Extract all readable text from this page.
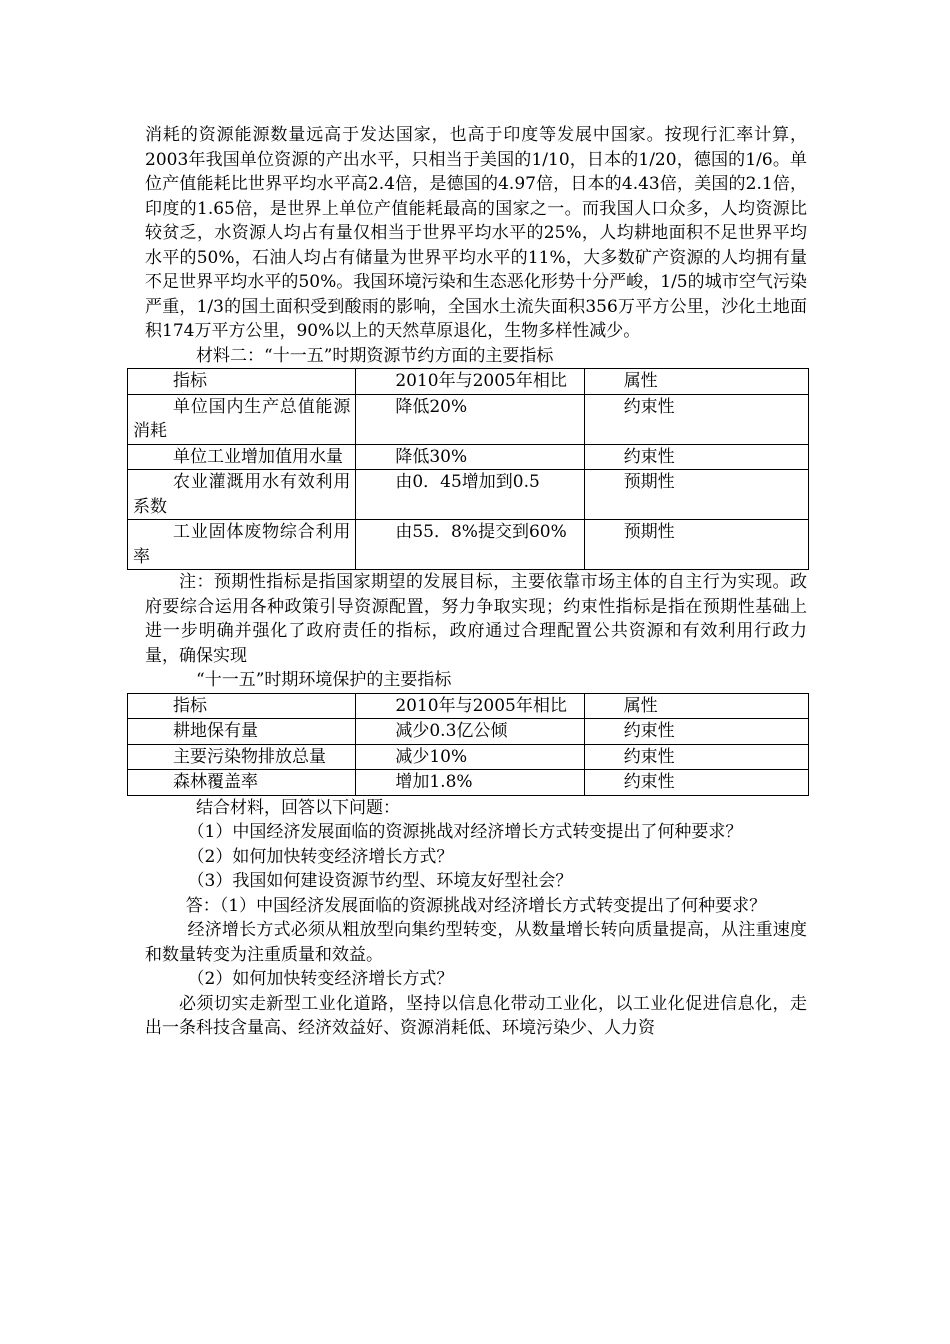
消耗的资源能源数量远高于发达国家，也高于印度等发展中国家。按现行汇率计算，2003年我国单位资源的产出水平，只相当于美国的1/10，日本的1/20，德国的1/6。单位产值能耗比世界平均水平高2.4倍，是德国的4.97倍，日本的4.43倍，美国的2.1倍，印度的1.65倍，是世界上单位产值能耗最高的国家之一。而我国人口众多，人均资源比较贫乏，水资源人均占有量仅相当于世界平均水平的25%，人均耕地面积不足世界平均水平的50%，石油人均占有储量为世界平均水平的11%，大多数矿产资源的人均拥有量不足世界平均水平的50%。我国环境污染和生态恶化形势十分严峻，1/5的城市空气污染严重，1/3的国土面积受到酸雨的影响，全国水土流失面积356万平方公里，沙化土地面积174万平方公里，90%以上的天然草原退化，生物多样性减少。

材料二：“十一五”时期资源节约方面的主要指标

指标	2010年与2005年相比	属性
单位国内生产总值能源消耗	降低20%	约束性
单位工业增加值用水量	降低30%	约束性
农业灌溉用水有效利用系数	由0．45增加到0.5	预期性
工业固体废物综合利用率	由55．8%提交到60%	预期性

注：预期性指标是指国家期望的发展目标，主要依靠市场主体的自主行为实现。政府要综合运用各种政策引导资源配置，努力争取实现；约束性指标是指在预期性基础上进一步明确并强化了政府责任的指标，政府通过合理配置公共资源和有效利用行政力量，确保实现

“十一五”时期环境保护的主要指标

指标	2010年与2005年相比	属性
耕地保有量	减少0.3亿公倾	约束性
主要污染物排放总量	减少10%	约束性
森林覆盖率	增加1.8%	约束性

结合材料，回答以下问题：

（1）中国经济发展面临的资源挑战对经济增长方式转变提出了何种要求？

（2）如何加快转变经济增长方式？

（3）我国如何建设资源节约型、环境友好型社会？

答：（1）中国经济发展面临的资源挑战对经济增长方式转变提出了何种要求？

经济增长方式必须从粗放型向集约型转变，从数量增长转向质量提高，从注重速度和数量转变为注重质量和效益。

（2）如何加快转变经济增长方式？

必须切实走新型工业化道路，坚持以信息化带动工业化，以工业化促进信息化，走出一条科技含量高、经济效益好、资源消耗低、环境污染少、人力资
